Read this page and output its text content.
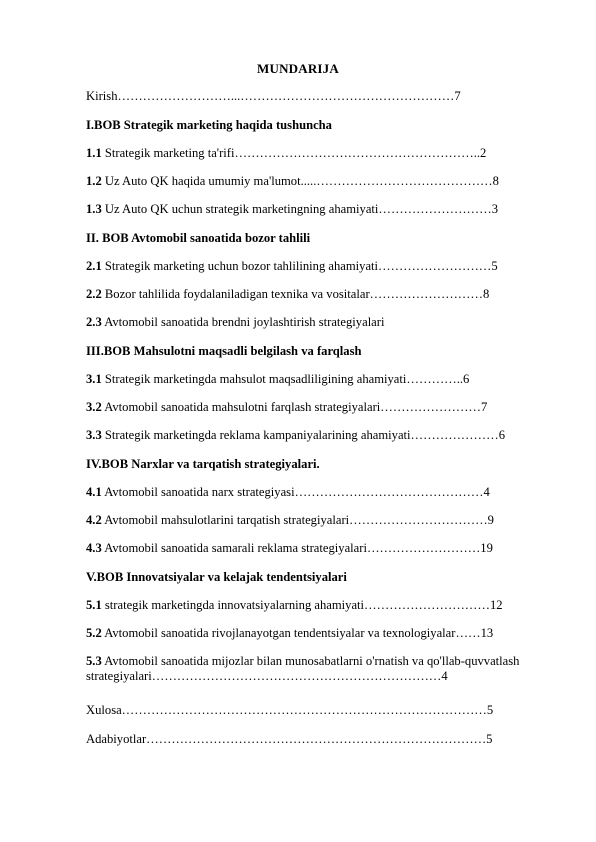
MUNDARIJA
Kirish………………………...……………………………………………7
I.BOB Strategik marketing haqida tushuncha
1.1 Strategik marketing ta'rifi…………………………………………………..2
1.2 Uz Auto QK haqida umumiy ma'lumot.....……………………………………8
1.3 Uz Auto QK uchun strategik marketingning ahamiyati………………………3
II. BOB Avtomobil sanoatida bozor tahlili
2.1 Strategik marketing uchun bozor tahlilining ahamiyati………………………5
2.2 Bozor tahlilida foydalaniladigan texnika va vositalar………………………8
2.3 Avtomobil sanoatida brendni joylashtirish strategiyalari
III.BOB Mahsulotni maqsadli belgilash va farqlash
3.1 Strategik marketingda mahsulot maqsadliligining ahamiyati…………..6
3.2 Avtomobil sanoatida mahsulotni farqlash strategiyalari……………………7
3.3 Strategik marketingda reklama kampaniyalarining ahamiyati…………………6
IV.BOB Narxlar va tarqatish strategiyalari.
4.1 Avtomobil sanoatida narx strategiyasi………………………………………4
4.2 Avtomobil mahsulotlarini tarqatish strategiyalari……………………………9
4.3 Avtomobil sanoatida samarali reklama strategiyalari………………………19
V.BOB Innovatsiyalar va kelajak tendentsiyalari
5.1 strategik marketingda innovatsiyalarning ahamiyati…………………………12
5.2 Avtomobil sanoatida rivojlanayotgan tendentsiyalar va texnologiyalar……13
5.3 Avtomobil sanoatida mijozlar bilan munosabatlarni o'rnatish va qo'llab-quvvatlash strategiyalari……………………………………………………………4
Xulosa……………………………………………………………………………5
Adabiyotlar………………………………………………………………………5
